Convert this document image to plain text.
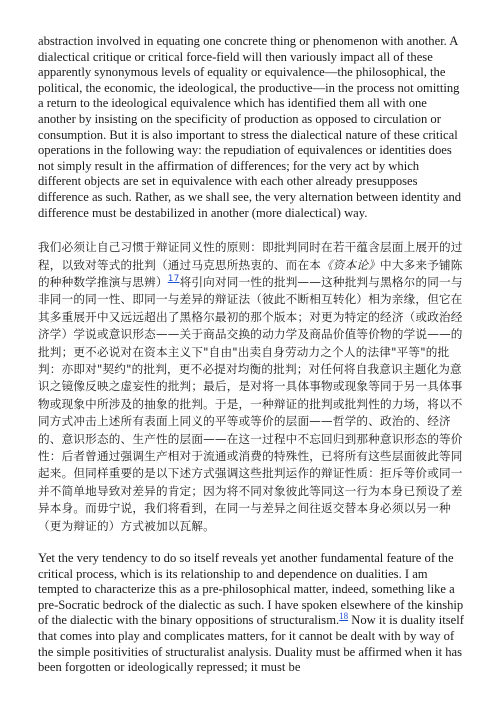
abstraction involved in equating one concrete thing or phenomenon with another. A dialectical critique or critical force-field will then variously impact all of these apparently synonymous levels of equality or equivalence—the philosophical, the political, the economic, the ideological, the productive—in the process not omitting a return to the ideological equivalence which has identified them all with one another by insisting on the specificity of production as opposed to circulation or consumption. But it is also important to stress the dialectical nature of these critical operations in the following way: the repudiation of equivalences or identities does not simply result in the affirmation of differences; for the very act by which different objects are set in equivalence with each other already presupposes difference as such. Rather, as we shall see, the very alternation between identity and difference must be destabilized in another (more dialectical) way.

我们必须让自己习惯于辩证同义性的原则：即批判同时在若干蕴含层面上展开的过程，以致对等式的批判（通过马克思所热衷的、而在本《资本论》中大多来予铺陈的种种数学推演与思辨）$^{17}$将引向对同一性的批判——这种批判与黑格尔的同一与非同一的同一性、即同一与差异的辩证法（彼此不断相互转化）相为亲缘，但它在其多重展开中又远远超出了黑格尔最初的那个版本；对更为特定的经济（或政治经济学）学说或意识形态——关于商品交换的动力学及商品价值等价物的学说——的批判；更不必说对在资本主义下"自由"出卖自身劳动力之个人的法律"平等"的批判：亦即对"契约"的批判，更不必提对均衡的批判；对任何将自我意识主题化为意识之镜像反映之虚妄性的批判；最后，是对将一具体事物或现象等同于另一具体事物或现象中所涉及的抽象的批判。于是，一种辩证的批判或批判性的力场，将以不同方式冲击上述所有表面上同义的平等或等价的层面——哲学的、政治的、经济的、意识形态的、生产性的层面——在这一过程中不忘回归到那种意识形态的等价性：后者曾通过强调生产相对于流通或消费的特殊性，已将所有这些层面彼此等同起来。但同样重要的是以下述方式强调这些批判运作的辩证性质：拒斥等价或同一并不简单地导致对差异的肯定；因为将不同对象彼此等同这一行为本身已预设了差异本身。而毋宁说，我们将看到，在同一与差异之间往返交替本身必须以另一种（更为辩证的）方式被加以瓦解。

Yet the very tendency to do so itself reveals yet another fundamental feature of the critical process, which is its relationship to and dependence on dualities. I am tempted to characterize this as a pre-philosophical matter, indeed, something like a pre-Socratic bedrock of the dialectic as such. I have spoken elsewhere of the kinship of the dialectic with the binary oppositions of structuralism.$^{18}$ Now it is duality itself that comes into play and complicates matters, for it cannot be dealt with by way of the simple positivities of structuralist analysis. Duality must be affirmed when it has been forgotten or ideologically repressed; it must be
